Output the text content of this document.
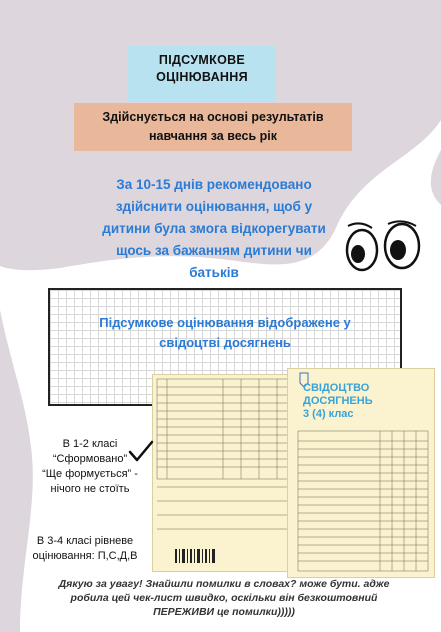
ПІДСУМКОВЕ
ОЦІНЮВАННЯ
Здійснується на основі результатів
навчання за весь рік
За 10-15 днів рекомендовано
здійснити оцінювання, щоб у
дитини була змога відкорегувати
щось за бажанням дитини чи
батьків
Підсумкове оцінювання відображене у
свідоцтві досягнень
СВІДОЦТВО
ДОСЯГНЕНЬ
3 (4) клас
В 1-2 класі
“Сформовано”
“Ще формується” -
нічого не стоїть
В 3-4 класі рівневе
оцінювання: П,С,Д,В
Дякую за увагу! Знайшли помилки в словах? може бути. адже
робила цей чек-лист швидко, оскільки він безкоштовний
ПЕРЕЖИВИ це помилки)))))
